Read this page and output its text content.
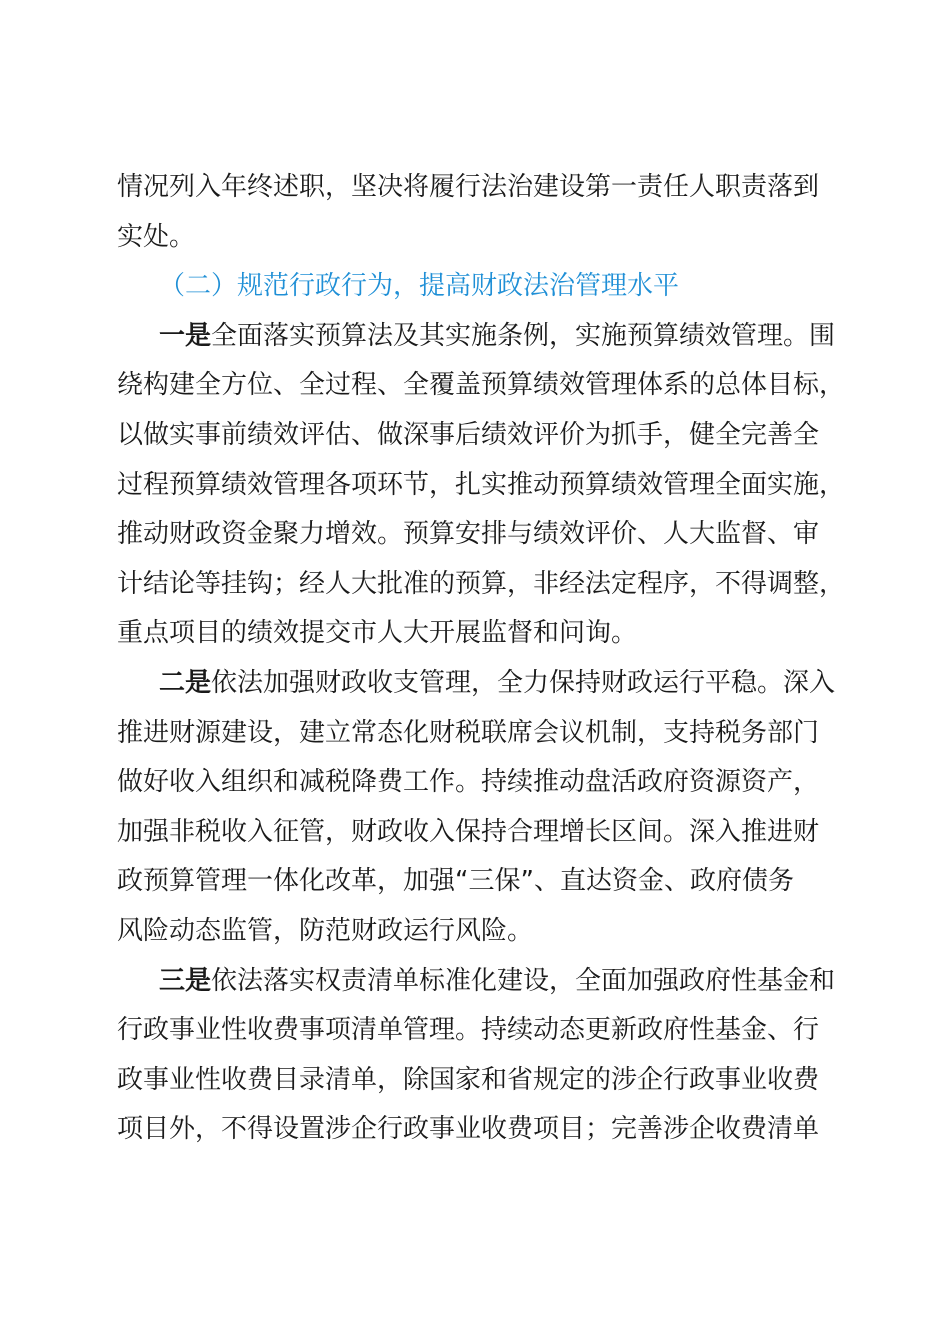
情况列入年终述职，坚决将履行法治建设第一责任人职责落到
实处。
（二）规范行政行为，提高财政法治管理水平
一是全面落实预算法及其实施条例，实施预算绩效管理。围
绕构建全方位、全过程、全覆盖预算绩效管理体系的总体目标，
以做实事前绩效评估、做深事后绩效评价为抓手，健全完善全
过程预算绩效管理各项环节，扎实推动预算绩效管理全面实施，
推动财政资金聚力增效。预算安排与绩效评价、人大监督、审
计结论等挂钩；经人大批准的预算，非经法定程序，不得调整，
重点项目的绩效提交市人大开展监督和问询。
二是依法加强财政收支管理，全力保持财政运行平稳。深入
推进财源建设，建立常态化财税联席会议机制，支持税务部门
做好收入组织和减税降费工作。持续推动盘活政府资源资产，
加强非税收入征管，财政收入保持合理增长区间。深入推进财
政预算管理一体化改革，加强“三保”、直达资金、政府债务
风险动态监管，防范财政运行风险。
三是依法落实权责清单标准化建设，全面加强政府性基金和
行政事业性收费事项清单管理。持续动态更新政府性基金、行
政事业性收费目录清单，除国家和省规定的涉企行政事业收费
项目外，不得设置涉企行政事业收费项目；完善涉企收费清单
